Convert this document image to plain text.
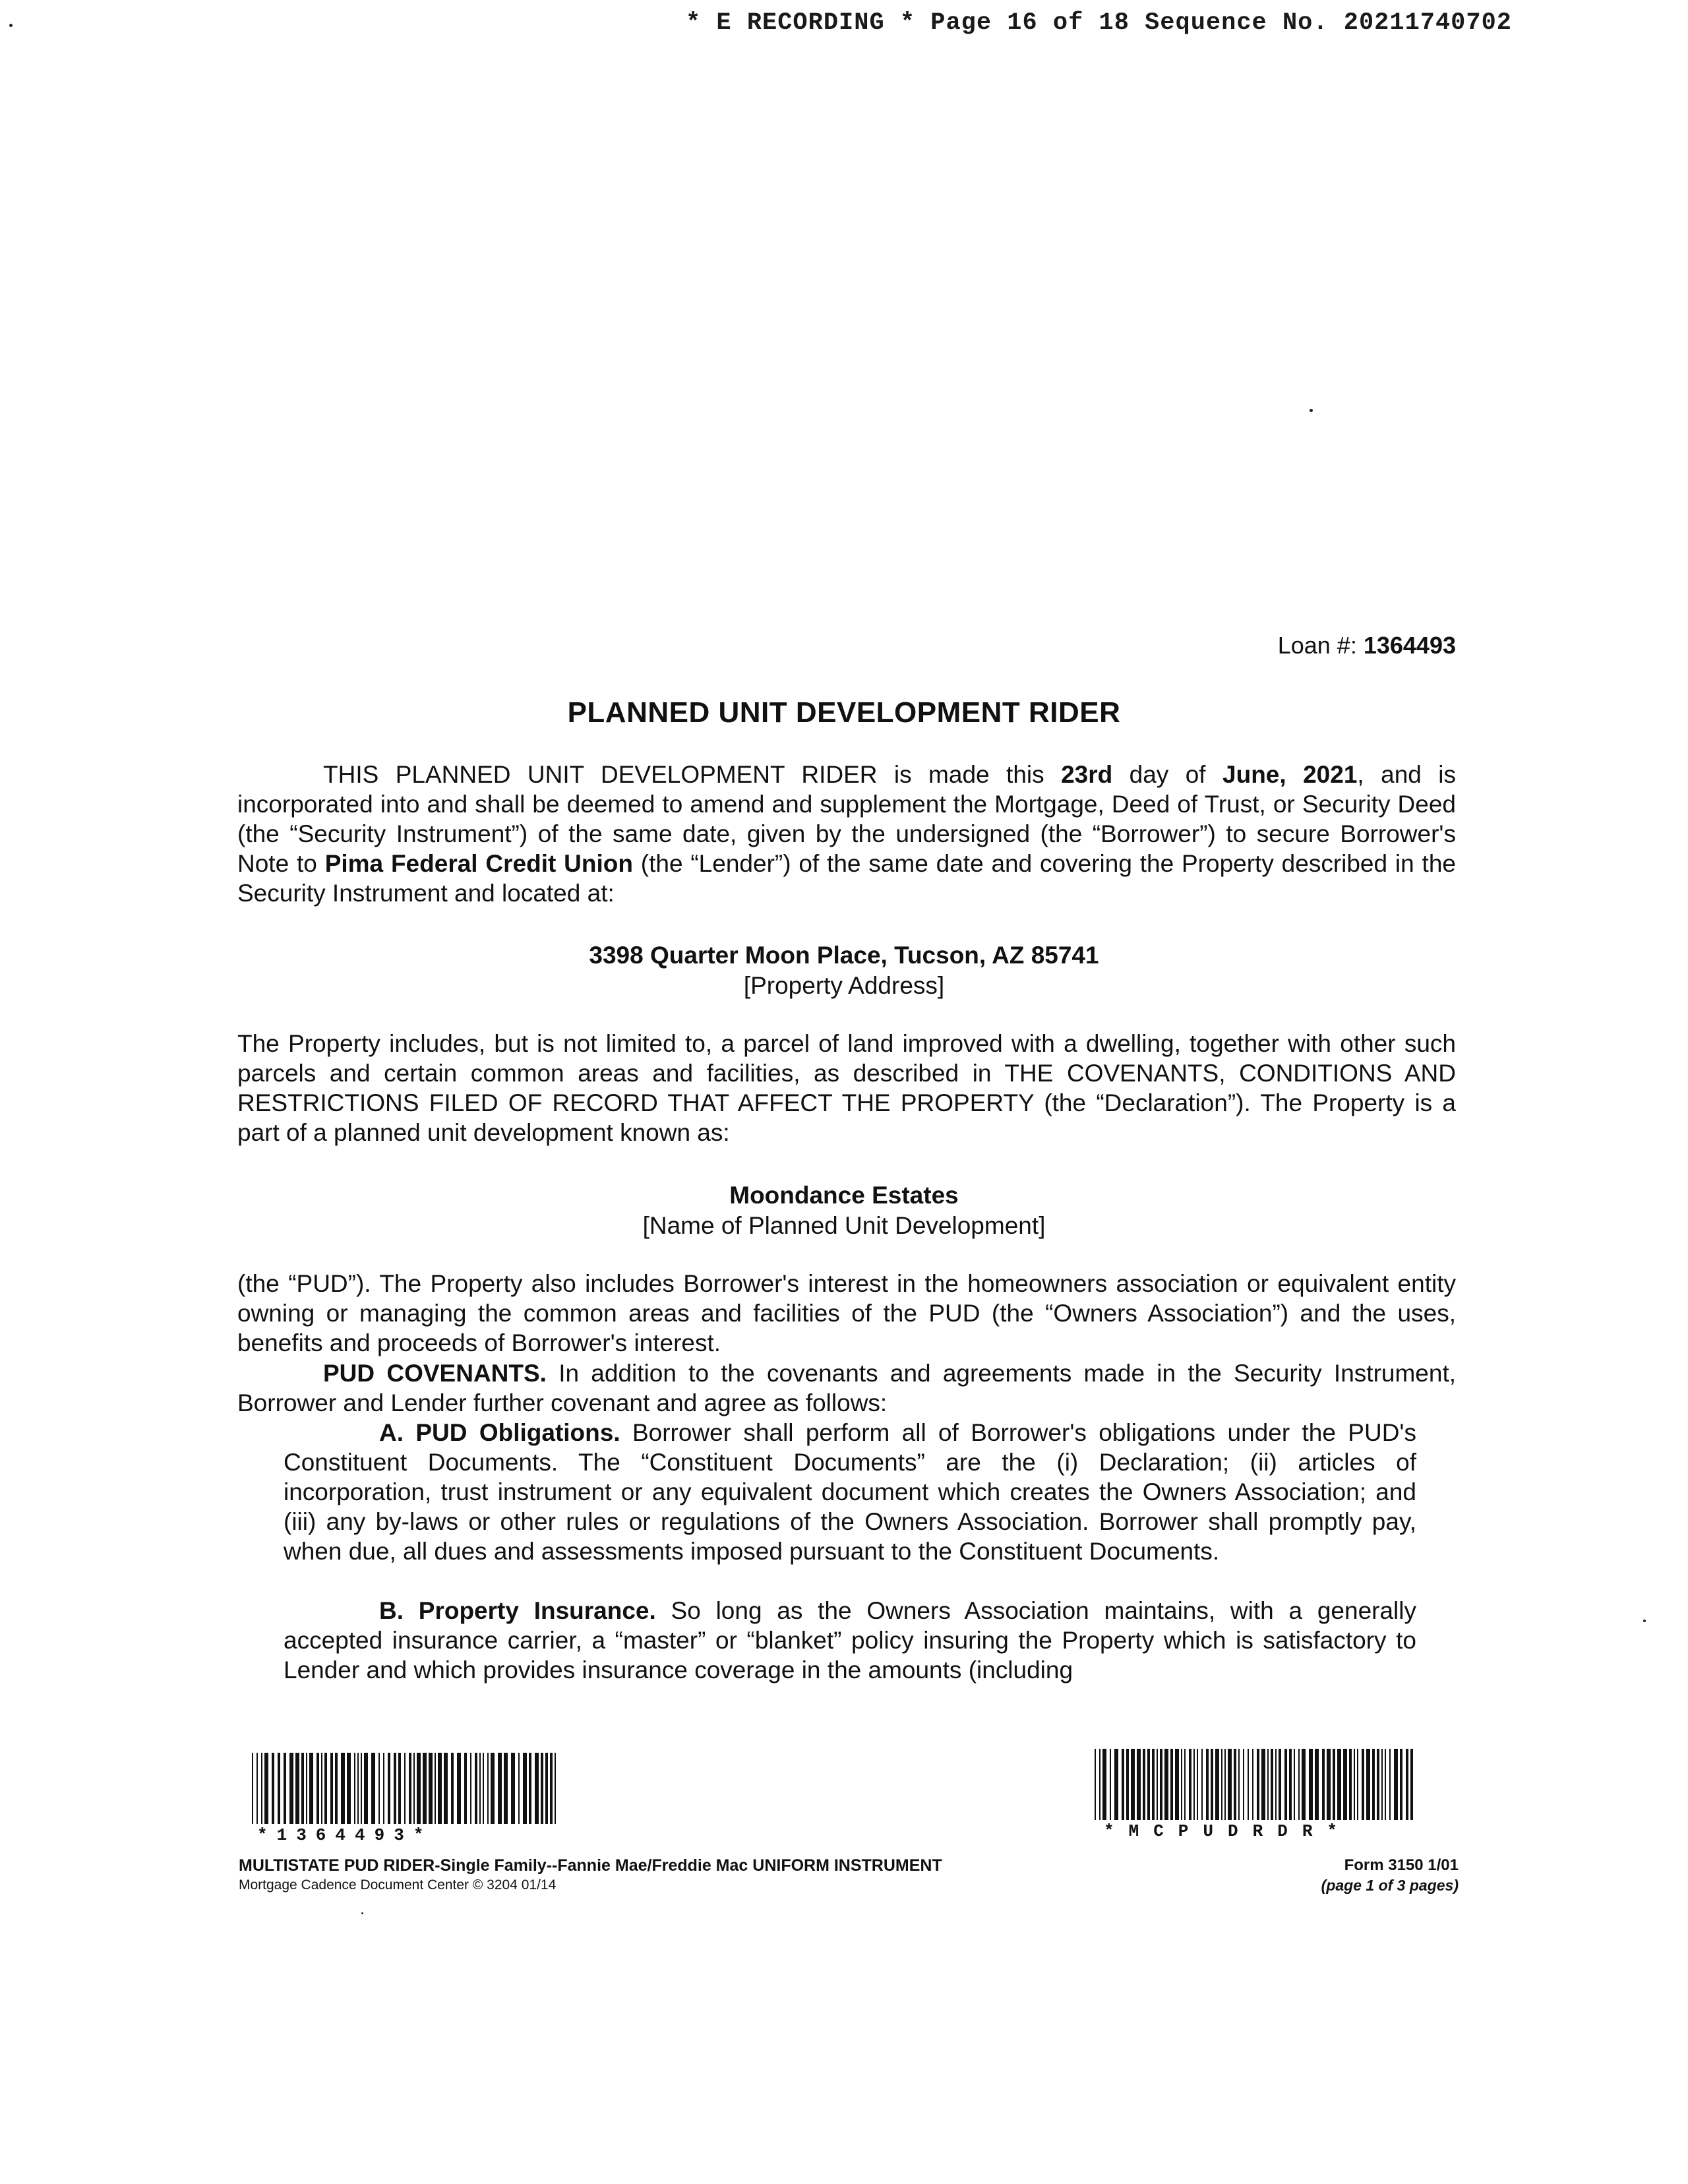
* E RECORDING * Page 16 of 18 Sequence No. 20211740702
Loan #: 1364493
PLANNED UNIT DEVELOPMENT RIDER
THIS PLANNED UNIT DEVELOPMENT RIDER is made this 23rd day of June, 2021, and is incorporated into and shall be deemed to amend and supplement the Mortgage, Deed of Trust, or Security Deed (the “Security Instrument”) of the same date, given by the undersigned (the “Borrower”) to secure Borrower's Note to Pima Federal Credit Union (the “Lender”) of the same date and covering the Property described in the Security Instrument and located at:
3398 Quarter Moon Place, Tucson, AZ 85741
[Property Address]
The Property includes, but is not limited to, a parcel of land improved with a dwelling, together with other such parcels and certain common areas and facilities, as described in THE COVENANTS, CONDITIONS AND RESTRICTIONS FILED OF RECORD THAT AFFECT THE PROPERTY (the “Declaration”). The Property is a part of a planned unit development known as:
Moondance Estates
[Name of Planned Unit Development]
(the “PUD”). The Property also includes Borrower's interest in the homeowners association or equivalent entity owning or managing the common areas and facilities of the PUD (the “Owners Association”) and the uses, benefits and proceeds of Borrower's interest.
PUD COVENANTS. In addition to the covenants and agreements made in the Security Instrument, Borrower and Lender further covenant and agree as follows:
A. PUD Obligations. Borrower shall perform all of Borrower's obligations under the PUD's Constituent Documents. The “Constituent Documents” are the (i) Declaration; (ii) articles of incorporation, trust instrument or any equivalent document which creates the Owners Association; and (iii) any by-laws or other rules or regulations of the Owners Association. Borrower shall promptly pay, when due, all dues and assessments imposed pursuant to the Constituent Documents.
B. Property Insurance. So long as the Owners Association maintains, with a generally accepted insurance carrier, a “master” or “blanket” policy insuring the Property which is satisfactory to Lender and which provides insurance coverage in the amounts (including
*1364493*	*MCPUDRDR*
MULTISTATE PUD RIDER-Single Family--Fannie Mae/Freddie Mac UNIFORM INSTRUMENT
Mortgage Cadence Document Center © 3204 01/14
Form 3150 1/01
(page 1 of 3 pages)
